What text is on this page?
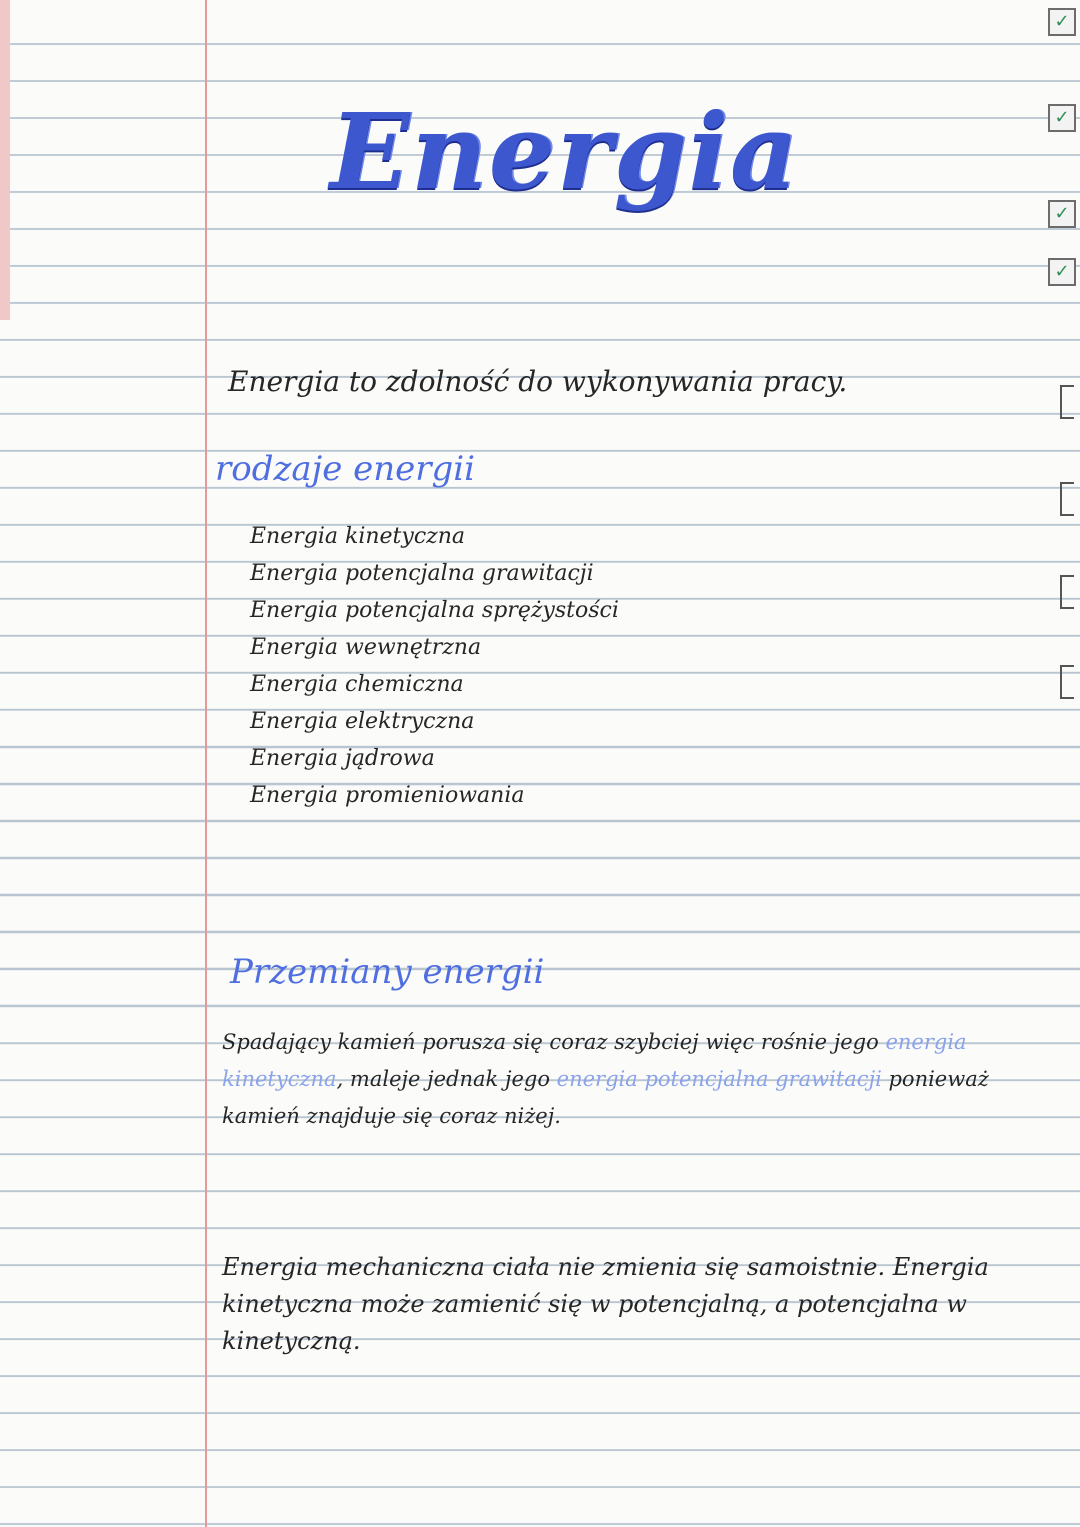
Energia

Energia to zdolność do wykonywania pracy.

rodzaje energii

Energia kinetyczna
Energia potencjalna grawitacji
Energia potencjalna sprężystości
Energia wewnętrzna
Energia chemiczna
Energia elektryczna
Energia jądrowa
Energia promieniowania

Przemiany energii

Spadający kamień porusza się coraz szybciej więc rośnie jego energia kinetyczna, maleje jednak jego energia potencjalna grawitacji ponieważ kamień znajduje się coraz niżej.

Energia mechaniczna ciała nie zmienia się samoistnie. Energia kinetyczna może zamienić się w potencjalną, a potencjalna w kinetyczną.

✓
✓
✓
✓
